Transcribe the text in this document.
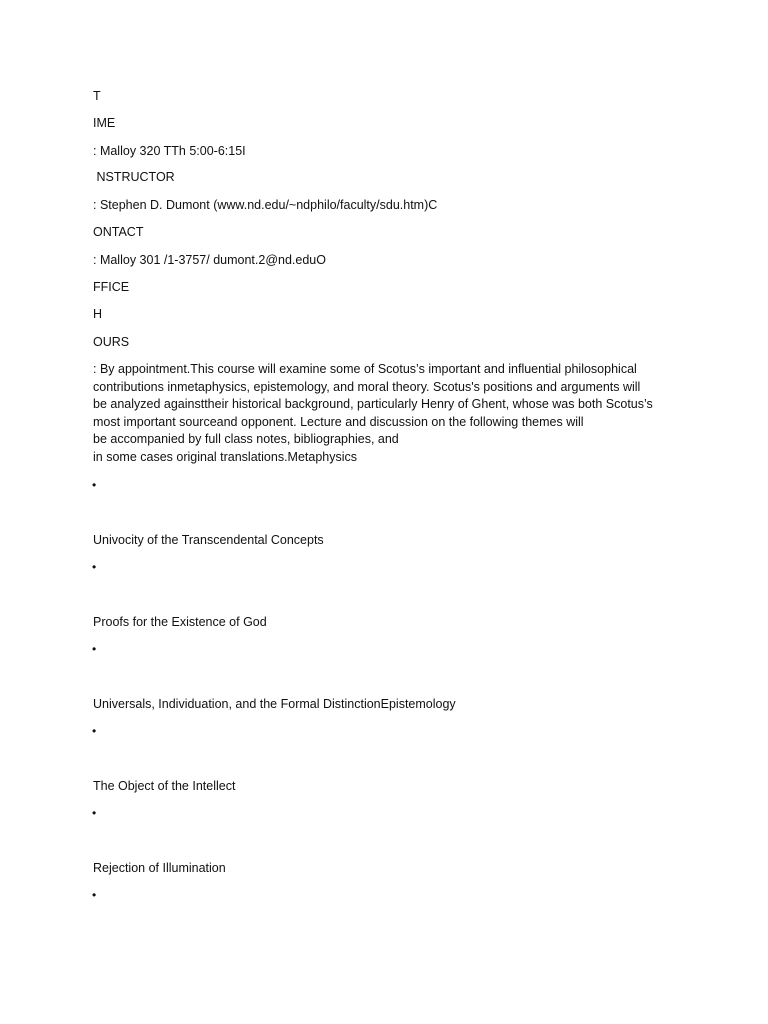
T
IME
: Malloy 320 TTh 5:00-6:15I
NSTRUCTOR
: Stephen D. Dumont (www.nd.edu/~ndphilo/faculty/sdu.htm)C
ONTACT
: Malloy 301 /1-3757/ dumont.2@nd.eduO
FFICE
H
OURS
: By appointment.This course will examine some of Scotus’s important and influential philosophical
contributions inmetaphysics, epistemology, and moral theory. Scotus's positions and arguments will
be analyzed againsttheir historical background, particularly Henry of Ghent, whose was both Scotus’s
most important sourceand opponent. Lecture and discussion on the following themes will
be accompanied by full class notes, bibliographies, and
in some cases original translations.Metaphysics
•
Univocity of the Transcendental Concepts
•
Proofs for the Existence of God
•
Universals, Individuation, and the Formal DistinctionEpistemology
•
The Object of the Intellect
•
Rejection of Illumination
•
